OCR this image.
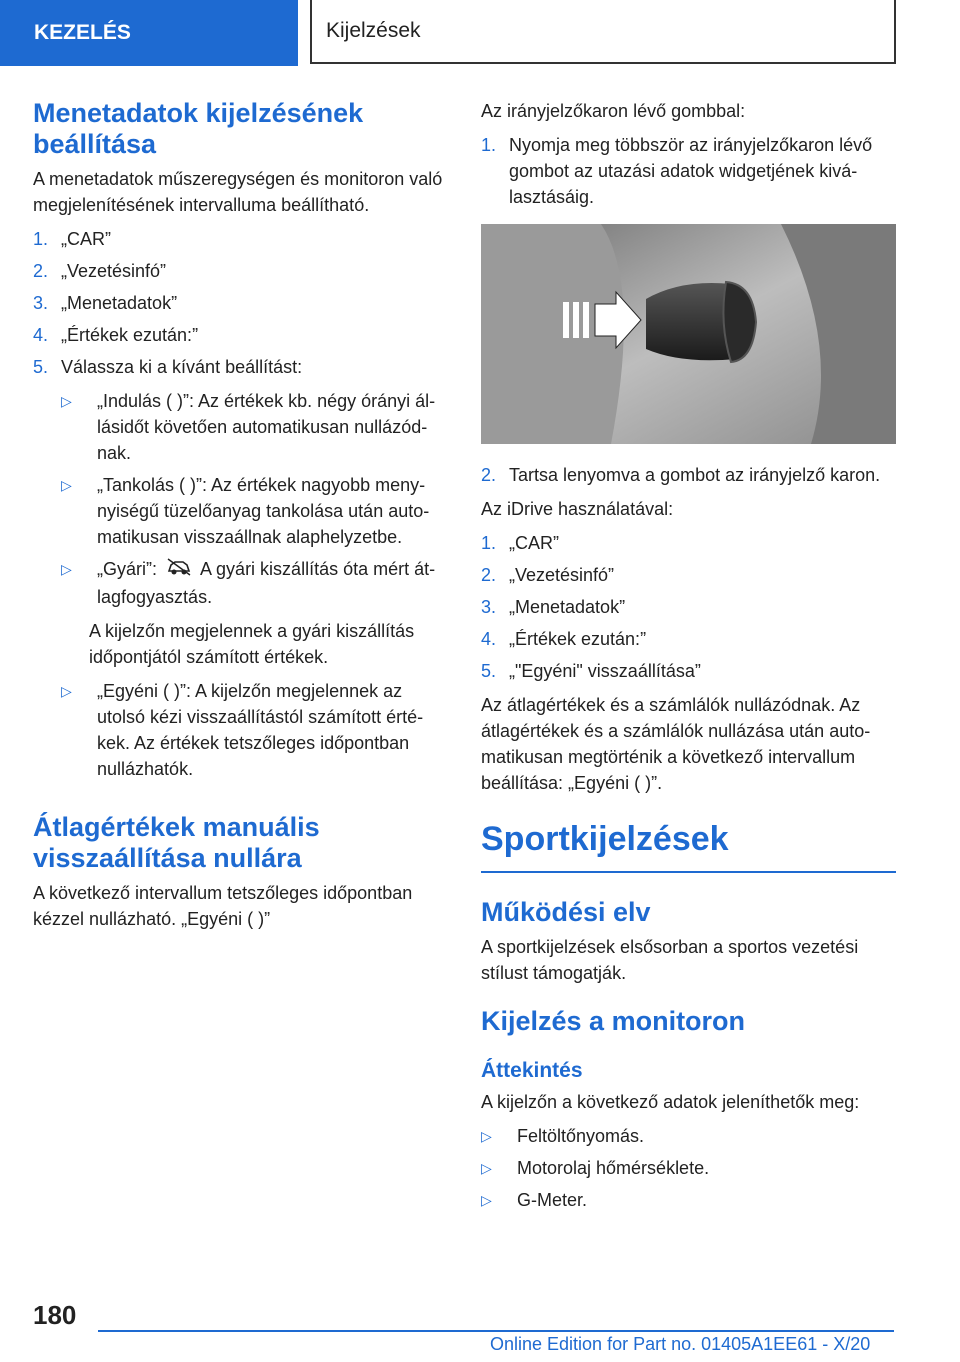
KEZELÉS	Kijelzések
Menetadatok kijelzésének beállítása

A menetadatok műszeregységen és monitoron való megjelenítésének intervalluma beállítható.

1. „CAR”
2. „Vezetésinfó”
3. „Menetadatok”
4. „Értékek ezután:”
5. Válassza ki a kívánt beállítást:
▷	„Indulás ( )”: Az értékek kb. négy órányi állásidőt követően automatikusan nullázódnak.
▷	„Tankolás ( )”: Az értékek nagyobb menynyiségű tüzelőanyag tankolása után automatikusan visszaállnak alaphelyzetbe.
▷	„Gyári”: A gyári kiszállítás óta mért átlagfogyasztás.
A kijelzőn megjelennek a gyári kiszállítás időpontjától számított értékek.
▷	„Egyéni ( )”: A kijelzőn megjelennek az utolsó kézi visszaállítástól számított értékek. Az értékek tetszőleges időpontban nullázhatók.
Átlagértékek manuális visszaállítása nullára

A következő intervallum tetszőleges időpontban kézzel nullázható. „Egyéni ( )”

Az irányjelzőkaron lévő gombbal:

1. Nyomja meg többször az irányjelzőkaron lévő gombot az utazási adatok widgetjének kiválasztásáig.
2. Tartsa lenyomva a gombot az irányjelző karon.

Az iDrive használatával:

1. „CAR”
2. „Vezetésinfó”
3. „Menetadatok”
4. „Értékek ezután:”
5. „"Egyéni" visszaállítása”

Az átlagértékek és a számlálók nullázódnak. Az átlagértékek és a számlálók nullázása után automatikusan megtörténik a következő intervallum beállítása: „Egyéni ( )”.

Sportkijelzések
Működési elv

A sportkijelzések elsősorban a sportos vezetési stílust támogatják.

Kijelzés a monitoron
Áttekintés

A kijelzőn a következő adatok jeleníthetők meg:

▷	Feltöltőnyomás.
▷	Motorolaj hőmérséklete.
▷	G-Meter.
180
Online Edition for Part no. 01405A1EE61 - X/20
